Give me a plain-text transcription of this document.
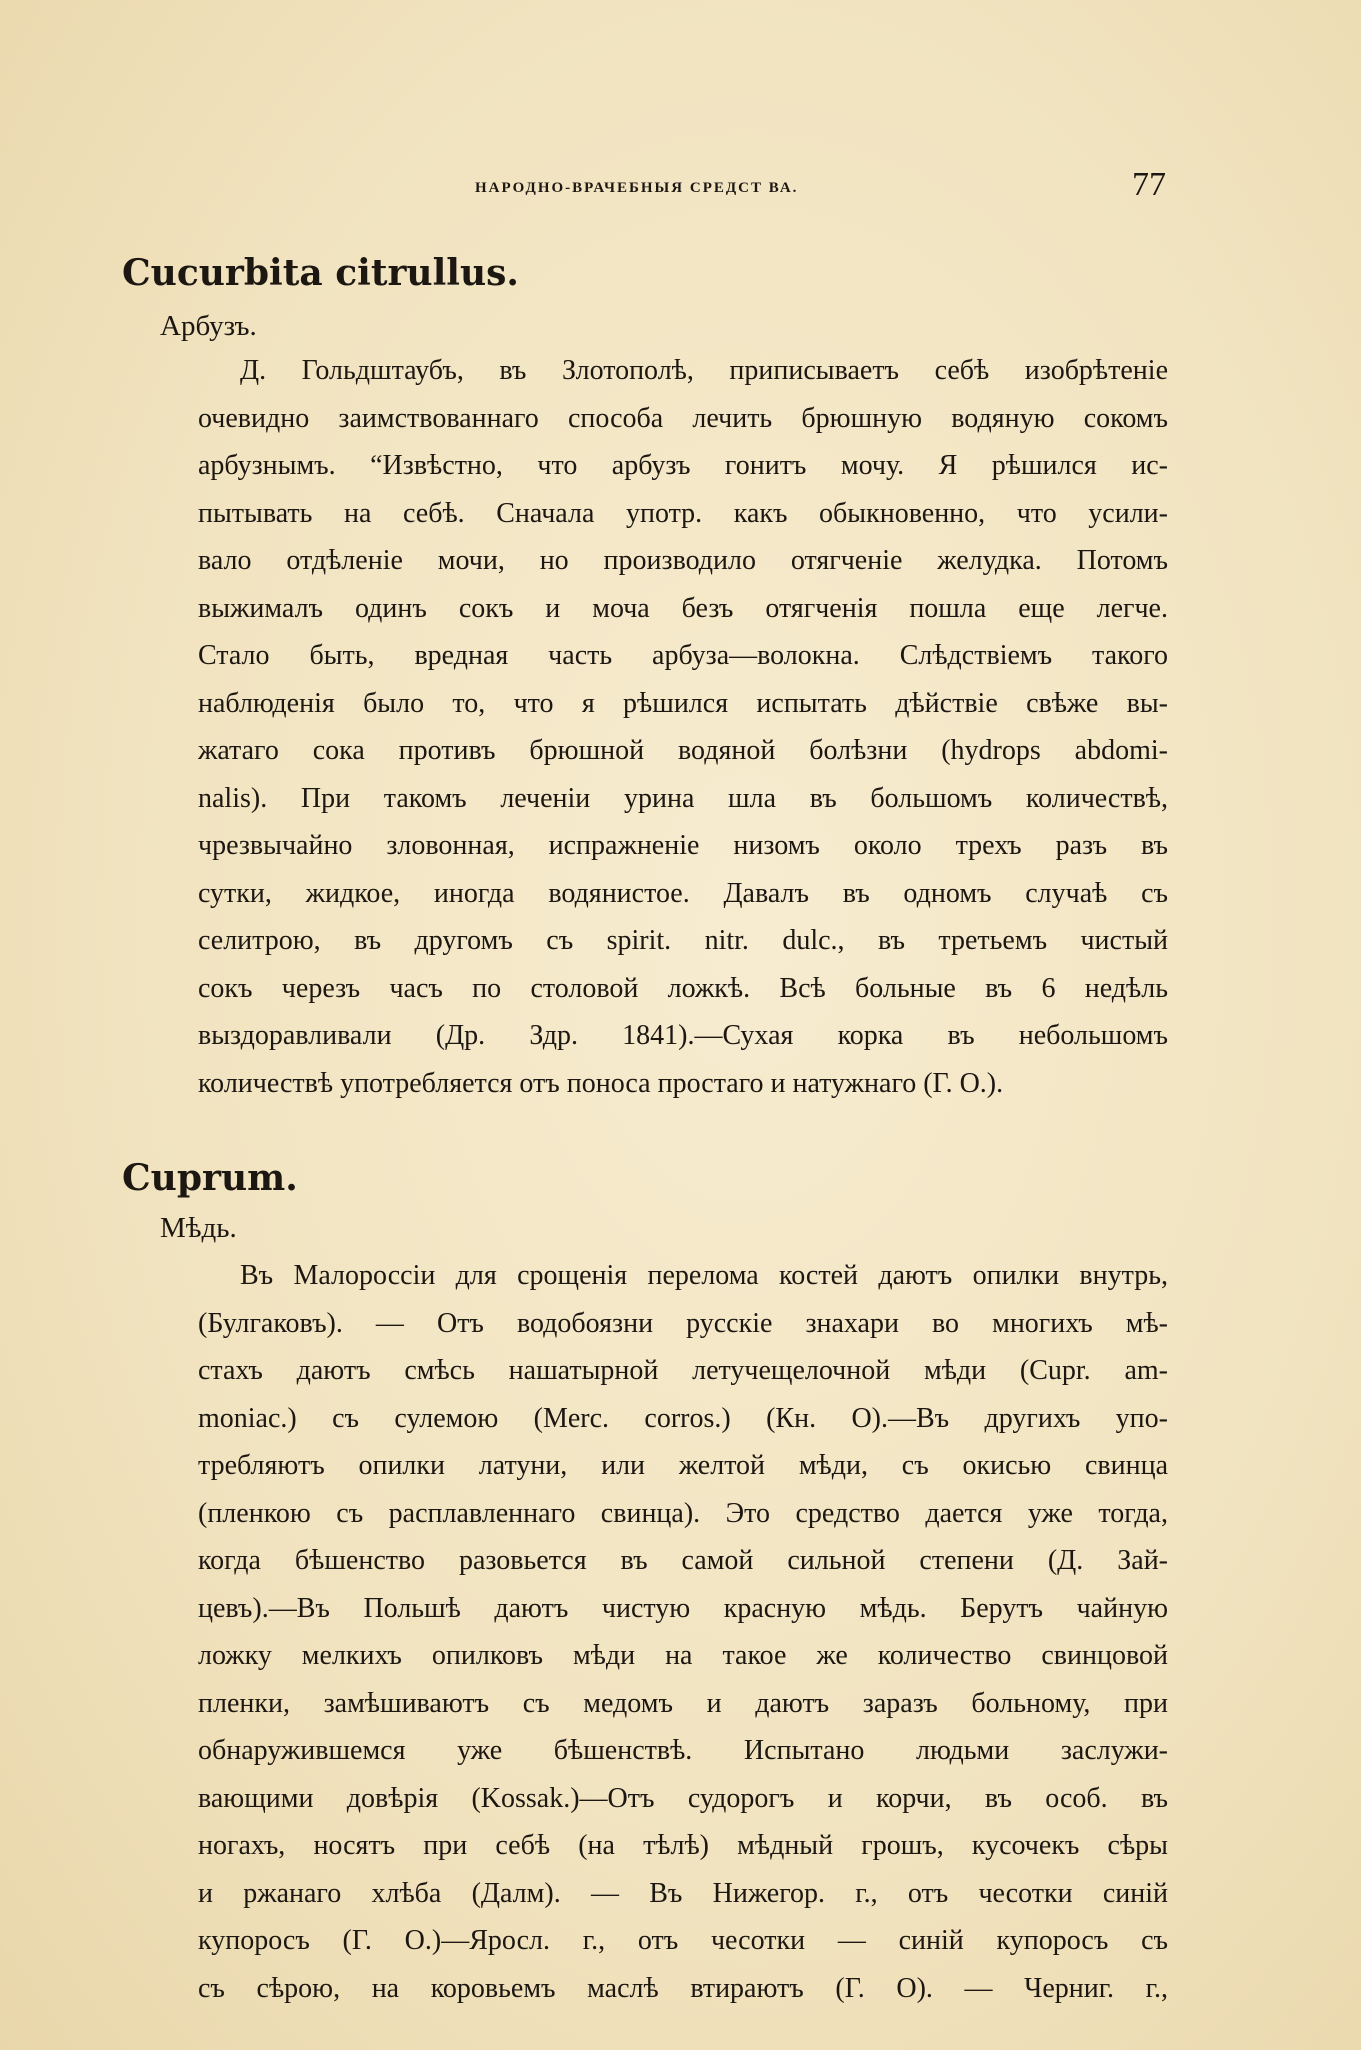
НАРОДНО-ВРАЧЕБНЫЯ СРЕДСТ ВА.	77
Cucurbita citrullus.
Арбузъ.
Д. Гольдштаубъ, въ Злотополѣ, приписываетъ себѣ изобрѣтеніе
очевидно заимствованнаго способа лечить брюшную водяную сокомъ
арбузнымъ. “Извѣстно, что арбузъ гонитъ мочу. Я рѣшился ис-
пытывать на себѣ. Сначала употр. какъ обыкновенно, что усили-
вало отдѣленіе мочи, но производило отягченіе желудка. Потомъ
выжималъ одинъ сокъ и моча безъ отягченія пошла еще легче.
Стало быть, вредная часть арбуза—волокна. Слѣдствіемъ такого
наблюденія было то, что я рѣшился испытать дѣйствіе свѣже вы-
жатаго сока противъ брюшной водяной болѣзни (hydrops abdomi-
nalis). При такомъ леченіи урина шла въ большомъ количествѣ,
чрезвычайно зловонная, испражненіе низомъ около трехъ разъ въ
сутки, жидкое, иногда водянистое. Давалъ въ одномъ случаѣ съ
селитрою, въ другомъ съ spirit. nitr. dulc., въ третьемъ чистый
сокъ черезъ часъ по столовой ложкѣ. Всѣ больные въ 6 недѣль
выздоравливали (Др. Здр. 1841).—Сухая корка въ небольшомъ
количествѣ употребляется отъ поноса простаго и натужнаго (Г. О.).
Cuprum.
Мѣдь.
Въ Малороссіи для срощенія перелома костей даютъ опилки внутрь,
(Булгаковъ). — Отъ водобоязни русскіе знахари во многихъ мѣ-
стахъ даютъ смѣсь нашатырной летучещелочной мѣди (Cupr. am-
moniac.) съ сулемою (Merc. corros.) (Кн. О).—Въ другихъ упо-
требляютъ опилки латуни, или желтой мѣди, съ окисью свинца
(пленкою съ расплавленнаго свинца). Это средство дается уже тогда,
когда бѣшенство разовьется въ самой сильной степени (Д. Зай-
цевъ).—Въ Польшѣ даютъ чистую красную мѣдь. Берутъ чайную
ложку мелкихъ опилковъ мѣди на такое же количество свинцовой
пленки, замѣшиваютъ съ медомъ и даютъ заразъ больному, при
обнаружившемся уже бѣшенствѣ. Испытано людьми заслужи-
вающими довѣрія (Kossak.)—Отъ судорогъ и корчи, въ особ. въ
ногахъ, носятъ при себѣ (на тѣлѣ) мѣдный грошъ, кусочекъ сѣры
и ржанаго хлѣба (Далм). — Въ Нижегор. г., отъ чесотки синій
купоросъ (Г. О.)—Яросл. г., отъ чесотки — синій купоросъ съ
съ сѣрою, на коровьемъ маслѣ втираютъ (Г. О). — Черниг. г.,
